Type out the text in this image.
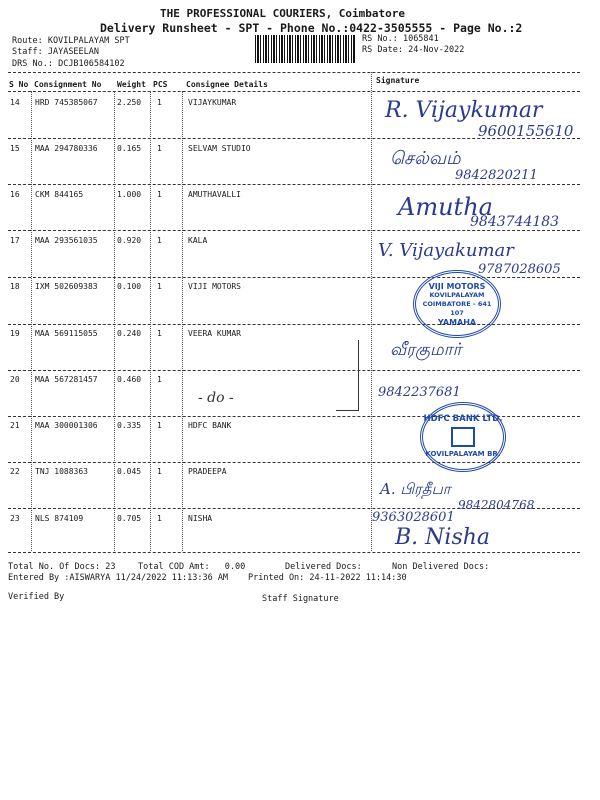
THE PROFESSIONAL COURIERS, Coimbatore
Delivery Runsheet - SPT - Phone No.:0422-3505555 - Page No.:2
Route: KOVILPALAYAM SPT
Staff: JAYASEELAN
DRS No.: DCJB106584102
RS No.: 1065841
RS Date: 24-Nov-2022
S No Consignment No Weight PCS Consignee Details	Signature
14 HRD 745385067 2.250 1	VIJAYKUMAR	R. Vijaykumar
9600155610
15 MAA 294780336 0.165 1	SELVAM STUDIO	செல்வம்
9842820211
16 CKM 844165	1.000 1	AMUTHAVALLI	Amutha
9843744183
17 MAA 293561035 0.920 1	KALA	V. Vijayakumar
9787028605
18 IXM 502609383 0.100 1	VIJI MOTORS	VIJI MOTORS
KOVILPALAYAM
COIMBATORE - 641 107
YAMAHA
19 MAA 569115055 0.240 1	VEERA KUMAR
வீரகுமார்
20 MAA 567281457 0.460 1
- do -	9842237681
21 MAA 300001306 0.335 1	HDFC BANK
HDFC BANK LTD.
KOVILPALAYAM BR.
22 TNJ 1088363	0.045 1	PRADEEPA
A. பிரதீபா
9842804768
23 NLS 874109	0.705 1	NISHA	9363028601
B. Nisha
Total No. Of Docs: 23	Total COD Amt: 0.00	Delivered Docs:	Non Delivered Docs:
Entered By :AISWARYA 11/24/2022 11:13:36 AM Printed On: 24-11-2022 11:14:30
Verified By	Staff Signature
